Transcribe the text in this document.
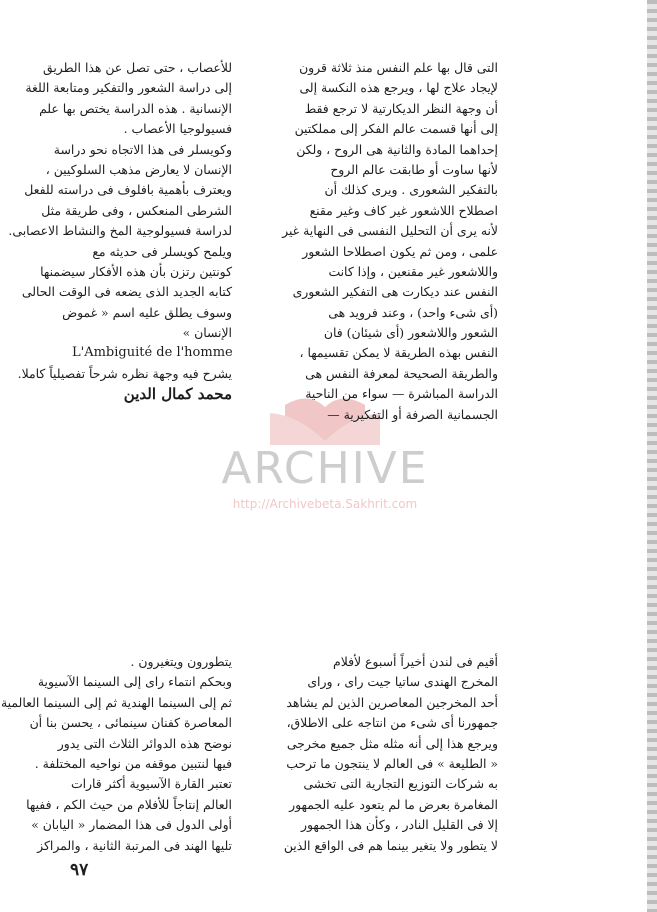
ARCHIVE
http://Archivebeta.Sakhrit.com
التى قال بها علم النفس منذ ثلاثة قرون
لإيجاد علاج لها ، ويرجع هذه النكسة إلى
أن وجهة النظر الديكارتية لا ترجع فقط
إلى أنها قسمت عالم الفكر إلى مملكتين
إحداهما المادة والثانية هى الروح ، ولكن
لأنها ساوت أو طابقت عالم الروح
بالتفكير الشعورى . ويرى كذلك أن
اصطلاح اللاشعور غير كاف وغير مقنع
لأنه يرى أن التحليل النفسى فى النهاية غير
علمى ، ومن ثم يكون اصطلاحا الشعور
واللاشعور غير مقنعين ، وإذا كانت
النفس عند ديكارت هى التفكير الشعورى
(أى شىء واحد) ، وعند فرويد هى
الشعور واللاشعور (أى شيئان) فان
النفس بهذه الطريقة لا يمكن تقسيمها ،
والطريقة الصحيحة لمعرفة النفس هى
الدراسة المباشرة — سواء من الناحية
الجسمانية الصرفة أو التفكيرية —
للأعصاب ، حتى تصل عن هذا الطريق
إلى دراسة الشعور والتفكير ومتابعة اللغة
الإنسانية . هذه الدراسة يختص بها علم
فسيولوجيا الأعصاب .
وكويسلر فى هذا الاتجاه نحو دراسة
الإنسان لا يعارض مذهب السلوكيين ،
ويعترف بأهمية بافلوف فى دراسته للفعل
الشرطى المنعكس ، وفى طريقة مثل
لدراسة فسيولوجية المخ والنشاط الاعصابى.
ويلمح كويسلر فى حديثه مع
كونتين رتزن بأن هذه الأفكار سيضمنها
كتابه الجديد الذى يضعه فى الوقت الحالى
وسوف يطلق عليه اسم « غموض
الإنسان »
L'Ambiguité de l'homme
يشرح فيه وجهة نظره شرحاً تفصيلياً كاملا.
محمد كمال الدين
أقيم فى لندن أخيراً أسبوع لأفلام
المخرج الهندى ساتيا جيت راى ، وراى
أحد المخرجين المعاصرين الذين لم يشاهد
جمهورنا أى شىء من انتاجه على الاطلاق،
ويرجع هذا إلى أنه مثله مثل جميع مخرجى
« الطليعة » فى العالم لا ينتجون ما ترحب
به شركات التوزيع التجارية التى تخشى
المغامرة بعرض ما لم يتعود عليه الجمهور
إلا فى القليل النادر ، وكأن هذا الجمهور
لا يتطور ولا يتغير بينما هم فى الواقع الذين
يتطورون ويتغيرون .
وبحكم انتماء راى إلى السينما الآسيوية
ثم إلى السينما الهندية ثم إلى السينما العالمية
المعاصرة كفنان سينمائى ، يحسن بنا أن
نوضح هذه الدوائر الثلاث التى يدور
فيها لنتبين موقفه من نواحيه المختلفة .
تعتبر القارة الآسيوية أكثر قارات
العالم إنتاجاً للأفلام من حيث الكم ، ففيها
أولى الدول فى هذا المضمار « اليابان »
تليها الهند فى المرتبة الثانية ، والمراكز
٩٧
